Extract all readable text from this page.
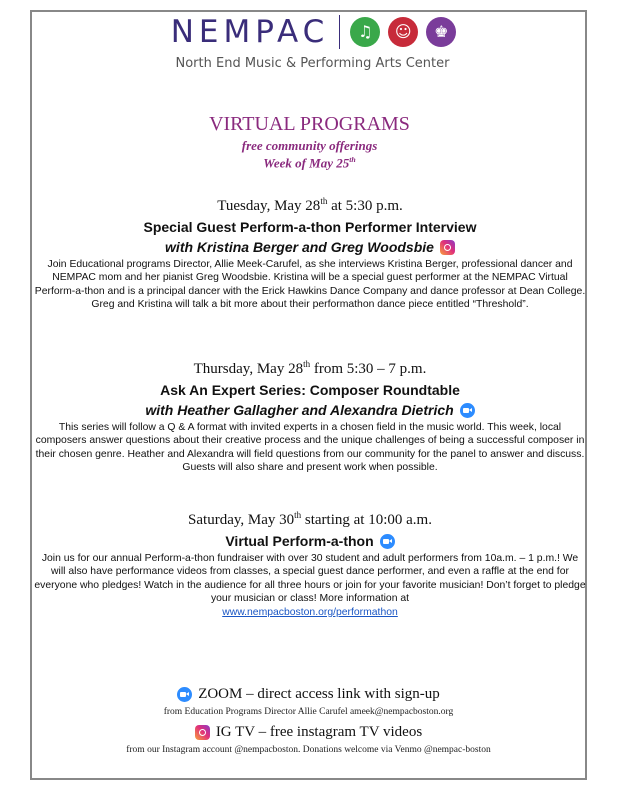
NEMPAC	♫	☺	♚
North End Music & Performing Arts Center
VIRTUAL PROGRAMS
free community offerings
Week of May 25th
Tuesday, May 28th at 5:30 p.m.
Special Guest Perform-a-thon Performer Interview
with Kristina Berger and Greg Woodsbie
Join Educational programs Director, Allie Meek-Carufel, as she interviews Kristina Berger, professional dancer and NEMPAC mom and her pianist Greg Woodsbie. Kristina will be a special guest performer at the NEMPAC Virtual Perform-a-thon and is a principal dancer with the Erick Hawkins Dance Company and dance professor at Dean College. Greg and Kristina will talk a bit more about their performathon dance piece entitled “Threshold”.
Thursday, May 28th from 5:30 – 7 p.m.
Ask An Expert Series: Composer Roundtable
with Heather Gallagher and Alexandra Dietrich
This series will follow a Q & A format with invited experts in a chosen field in the music world. This week, local composers answer questions about their creative process and the unique challenges of being a successful composer in their chosen genre. Heather and Alexandra will field questions from our community for the panel to answer and discuss. Guests will also share and present work when possible.
Saturday, May 30th starting at 10:00 a.m.
Virtual Perform-a-thon
Join us for our annual Perform-a-thon fundraiser with over 30 student and adult performers from 10a.m. – 1 p.m.! We will also have performance videos from classes, a special guest dance performer, and even a raffle at the end for everyone who pledges! Watch in the audience for all three hours or join for your favorite musician! Don’t forget to pledge your musician or class! More information at
www.nempacboston.org/performathon
ZOOM – direct access link with sign-up
from Education Programs Director Allie Carufel ameek@nempacboston.org
IG TV – free instagram TV videos
from our Instagram account @nempacboston. Donations welcome via Venmo @nempac-boston
